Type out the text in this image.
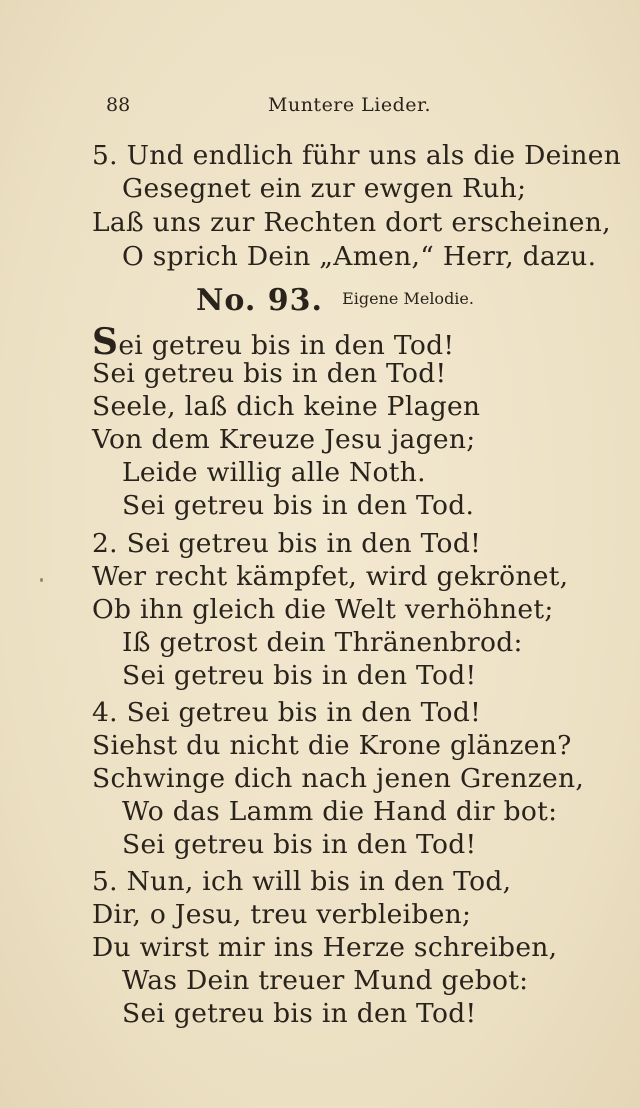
88	Muntere Lieder.
5. Und endlich führ uns als die Deinen
Gesegnet ein zur ewgen Ruh;
Laß uns zur Rechten dort erscheinen,
O sprich Dein „Amen,“ Herr, dazu.
No. 93. Eigene Melodie.
Sei getreu bis in den Tod!
Sei getreu bis in den Tod!
Seele, laß dich keine Plagen
Von dem Kreuze Jesu jagen;
Leide willig alle Noth.
Sei getreu bis in den Tod.
2. Sei getreu bis in den Tod!
Wer recht kämpfet, wird gekrönet,
Ob ihn gleich die Welt verhöhnet;
Iß getrost dein Thränenbrod:
Sei getreu bis in den Tod!
4. Sei getreu bis in den Tod!
Siehst du nicht die Krone glänzen?
Schwinge dich nach jenen Grenzen,
Wo das Lamm die Hand dir bot:
Sei getreu bis in den Tod!
5. Nun, ich will bis in den Tod,
Dir, o Jesu, treu verbleiben;
Du wirst mir ins Herze schreiben,
Was Dein treuer Mund gebot:
Sei getreu bis in den Tod!
